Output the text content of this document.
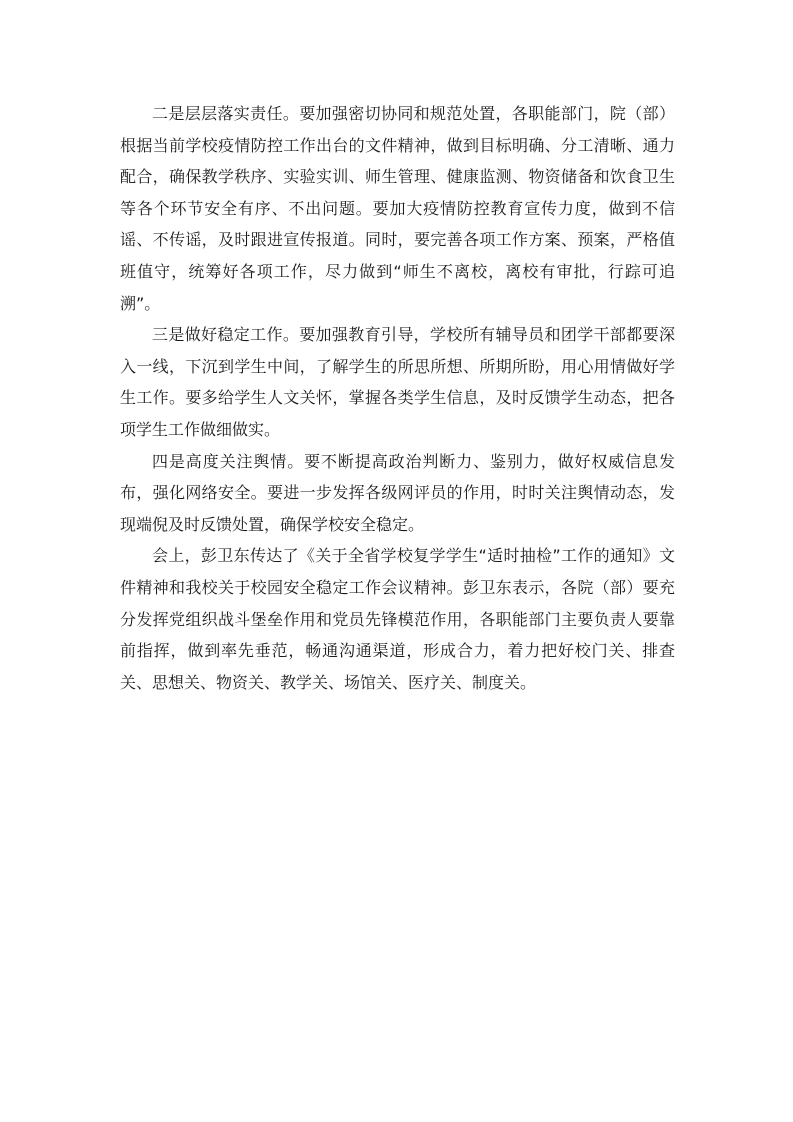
二是层层落实责任。要加强密切协同和规范处置，各职能部门，院（部）根据当前学校疫情防控工作出台的文件精神，做到目标明确、分工清晰、通力配合，确保教学秩序、实验实训、师生管理、健康监测、物资储备和饮食卫生等各个环节安全有序、不出问题。要加大疫情防控教育宣传力度，做到不信谣、不传谣，及时跟进宣传报道。同时，要完善各项工作方案、预案，严格值班值守，统筹好各项工作，尽力做到“师生不离校，离校有审批，行踪可追溯”。

三是做好稳定工作。要加强教育引导，学校所有辅导员和团学干部都要深入一线，下沉到学生中间，了解学生的所思所想、所期所盼，用心用情做好学生工作。要多给学生人文关怀，掌握各类学生信息，及时反馈学生动态，把各项学生工作做细做实。

四是高度关注舆情。要不断提高政治判断力、鉴别力，做好权威信息发布，强化网络安全。要进一步发挥各级网评员的作用，时时关注舆情动态，发现端倪及时反馈处置，确保学校安全稳定。

会上，彭卫东传达了《关于全省学校复学学生“适时抽检”工作的通知》文件精神和我校关于校园安全稳定工作会议精神。彭卫东表示，各院（部）要充分发挥党组织战斗堡垒作用和党员先锋模范作用，各职能部门主要负责人要靠前指挥，做到率先垂范，畅通沟通渠道，形成合力，着力把好校门关、排查关、思想关、物资关、教学关、场馆关、医疗关、制度关。
